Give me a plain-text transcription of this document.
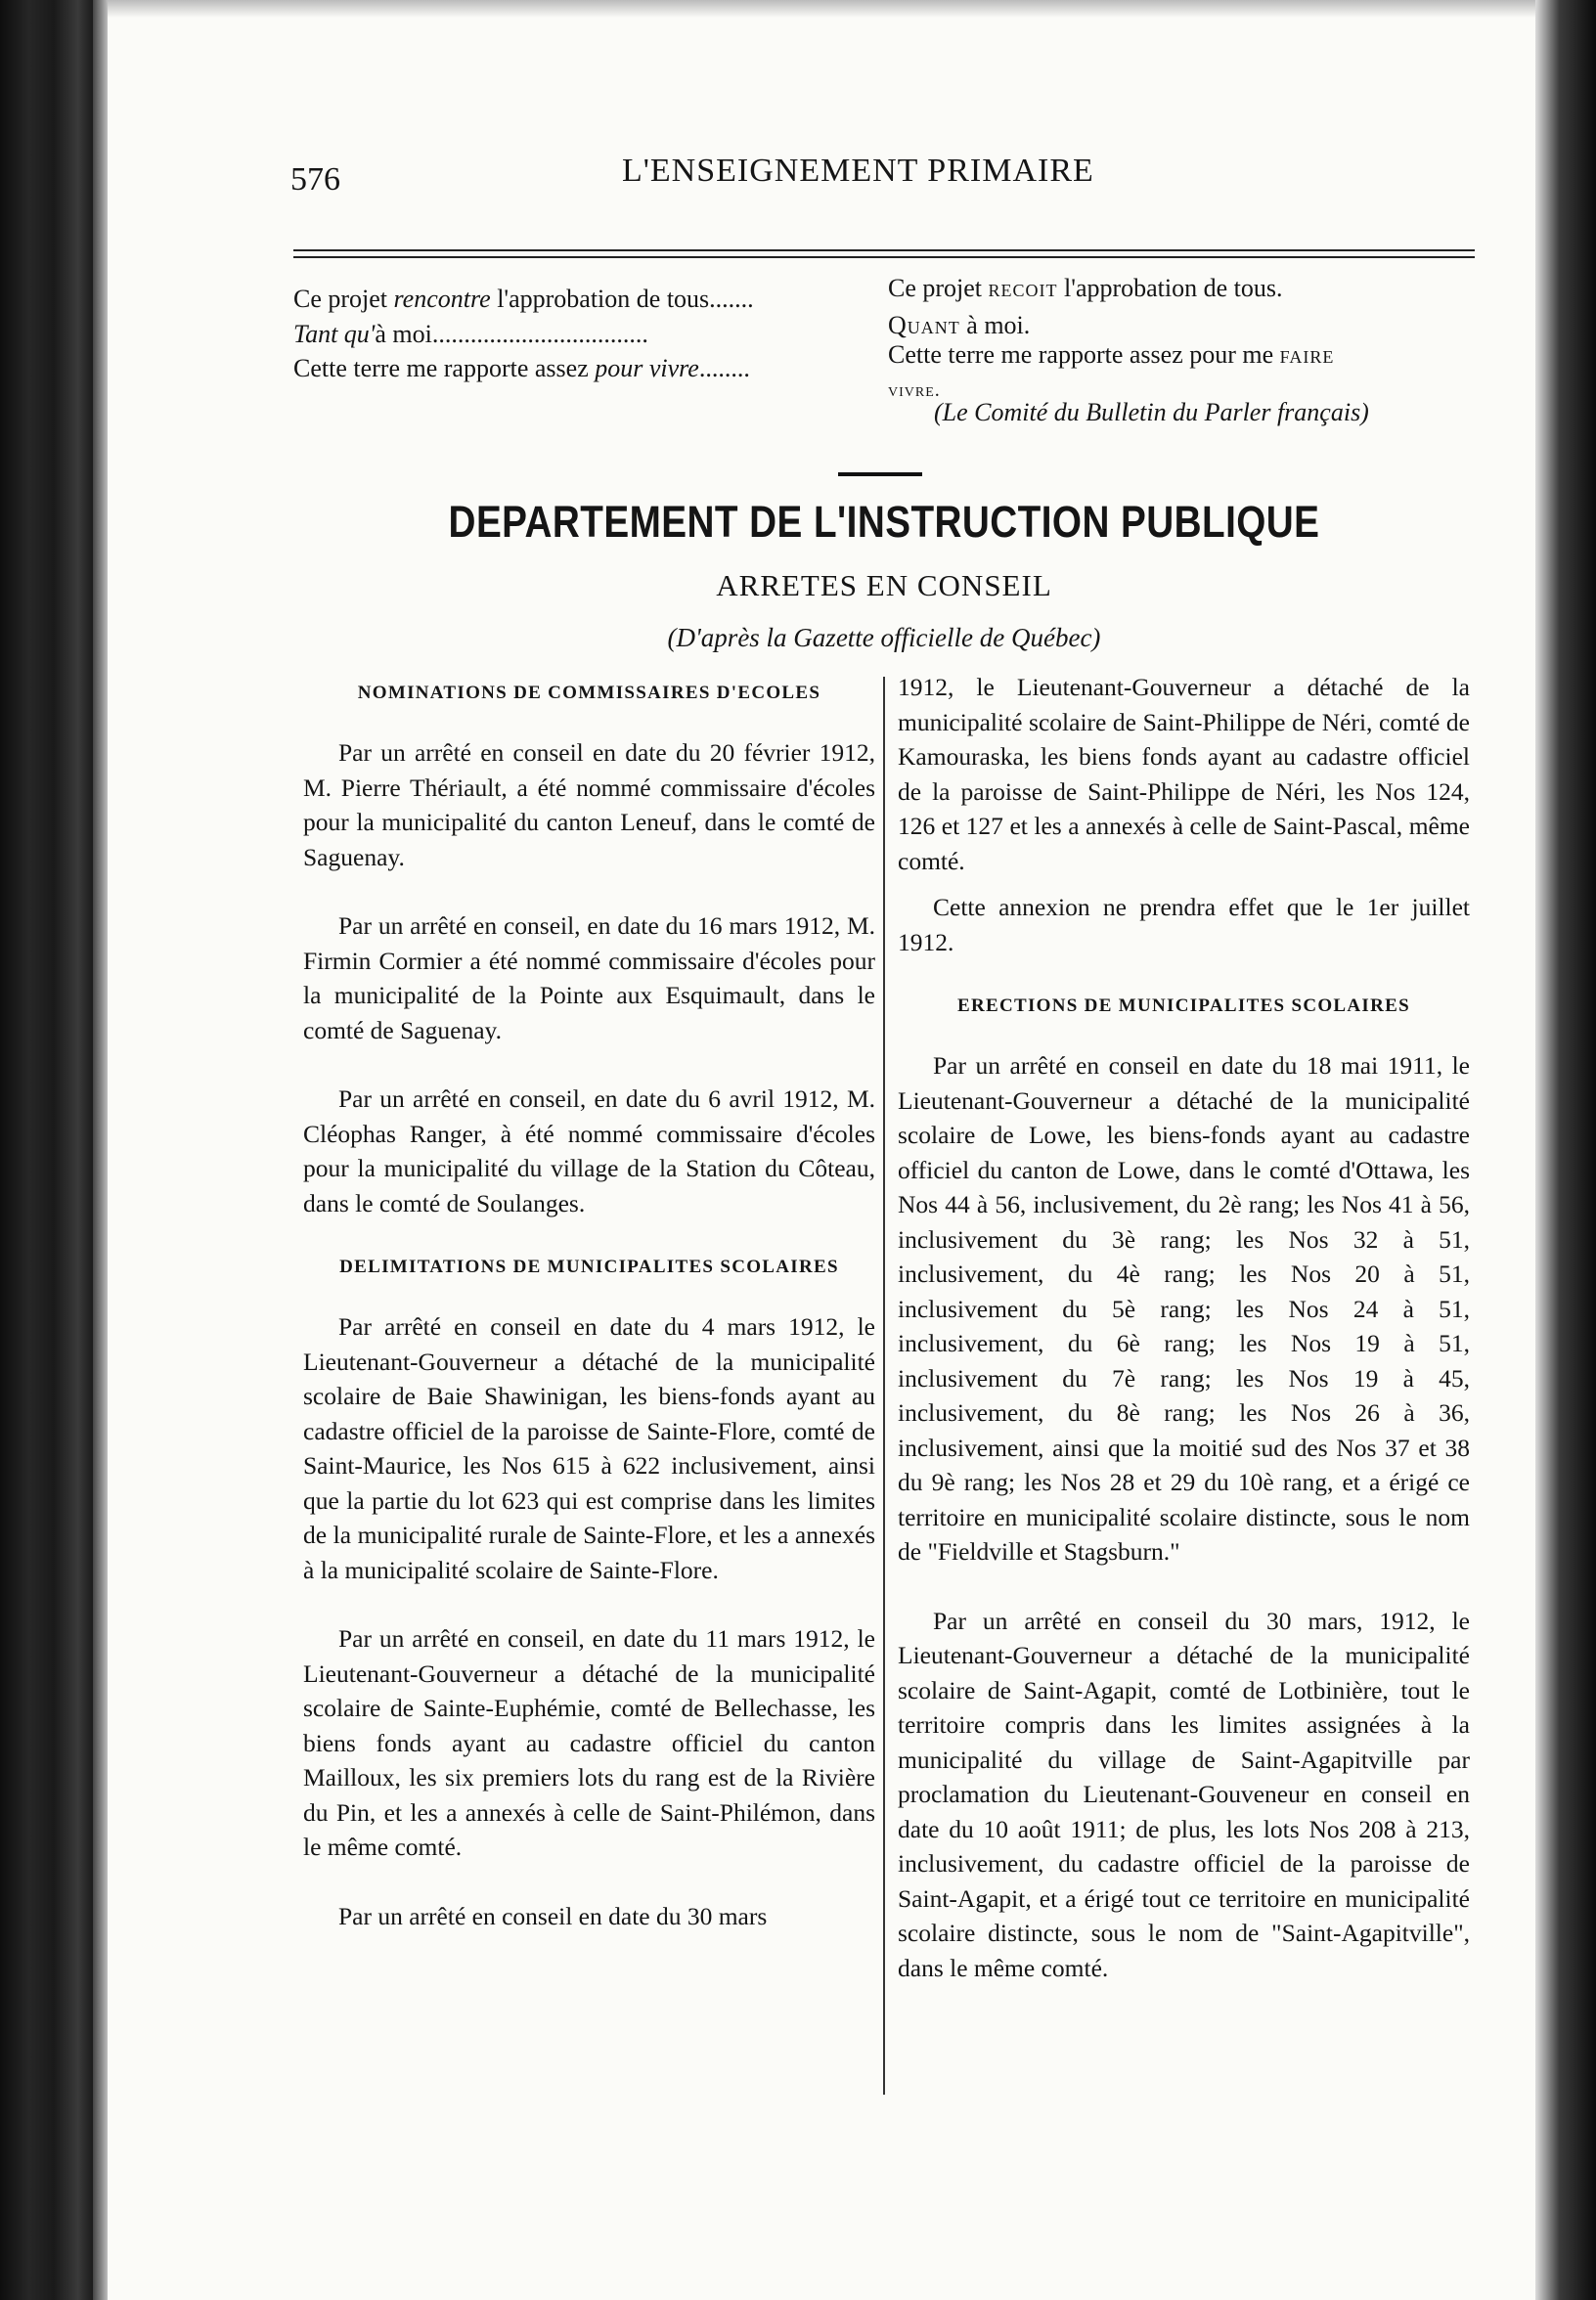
576	L'ENSEIGNEMENT PRIMAIRE
Ce projet rencontre l'approbation de tous.......	Ce projet recoit l'approbation de tous.
Tant qu'à moi..................................	Quant à moi.
Cette terre me rapporte assez pour vivre........	Cette terre me rapporte assez pour me faire
vivre.
(Le Comité du Bulletin du Parler français)
DEPARTEMENT DE L'INSTRUCTION PUBLIQUE
ARRETES EN CONSEIL
(D'après la Gazette officielle de Québec)
NOMINATIONS DE COMMISSAIRES D'ECOLES

Par un arrêté en conseil en date du 20 février 1912, M. Pierre Thériault, a été nommé commissaire d'écoles pour la municipalité du canton Leneuf, dans le comté de Saguenay.

Par un arrêté en conseil, en date du 16 mars 1912, M. Firmin Cormier a été nommé commissaire d'écoles pour la municipalité de la Pointe aux Esquimault, dans le comté de Saguenay.

Par un arrêté en conseil, en date du 6 avril 1912, M. Cléophas Ranger, à été nommé commissaire d'écoles pour la municipalité du village de la Station du Côteau, dans le comté de Soulanges.

DELIMITATIONS DE MUNICIPALITES SCOLAIRES

Par arrêté en conseil en date du 4 mars 1912, le Lieutenant-Gouverneur a détaché de la municipalité scolaire de Baie Shawinigan, les biens-fonds ayant au cadastre officiel de la paroisse de Sainte-Flore, comté de Saint-Maurice, les Nos 615 à 622 inclusivement, ainsi que la partie du lot 623 qui est comprise dans les limites de la municipalité rurale de Sainte-Flore, et les a annexés à la municipalité scolaire de Sainte-Flore.

Par un arrêté en conseil, en date du 11 mars 1912, le Lieutenant-Gouverneur a détaché de la municipalité scolaire de Sainte-Euphémie, comté de Bellechasse, les biens fonds ayant au cadastre officiel du canton Mailloux, les six premiers lots du rang est de la Rivière du Pin, et les a annexés à celle de Saint-Philémon, dans le même comté.

Par un arrêté en conseil en date du 30 mars

1912, le Lieutenant-Gouverneur a détaché de la municipalité scolaire de Saint-Philippe de Néri, comté de Kamouraska, les biens fonds ayant au cadastre officiel de la paroisse de Saint-Philippe de Néri, les Nos 124, 126 et 127 et les a annexés à celle de Saint-Pascal, même comté.

Cette annexion ne prendra effet que le 1er juillet 1912.

ERECTIONS DE MUNICIPALITES SCOLAIRES

Par un arrêté en conseil en date du 18 mai 1911, le Lieutenant-Gouverneur a détaché de la municipalité scolaire de Lowe, les biens-fonds ayant au cadastre officiel du canton de Lowe, dans le comté d'Ottawa, les Nos 44 à 56, inclusivement, du 2è rang; les Nos 41 à 56, inclusivement du 3è rang; les Nos 32 à 51, inclusivement, du 4è rang; les Nos 20 à 51, inclusivement du 5è rang; les Nos 24 à 51, inclusivement, du 6è rang; les Nos 19 à 51, inclusivement du 7è rang; les Nos 19 à 45, inclusivement, du 8è rang; les Nos 26 à 36, inclusivement, ainsi que la moitié sud des Nos 37 et 38 du 9è rang; les Nos 28 et 29 du 10è rang, et a érigé ce territoire en municipalité scolaire distincte, sous le nom de "Fieldville et Stagsburn."

Par un arrêté en conseil du 30 mars, 1912, le Lieutenant-Gouverneur a détaché de la municipalité scolaire de Saint-Agapit, comté de Lotbinière, tout le territoire compris dans les limites assignées à la municipalité du village de Saint-Agapitville par proclamation du Lieutenant-Gouveneur en conseil en date du 10 août 1911; de plus, les lots Nos 208 à 213, inclusivement, du cadastre officiel de la paroisse de Saint-Agapit, et a érigé tout ce territoire en municipalité scolaire distincte, sous le nom de "Saint-Agapitville", dans le même comté.
